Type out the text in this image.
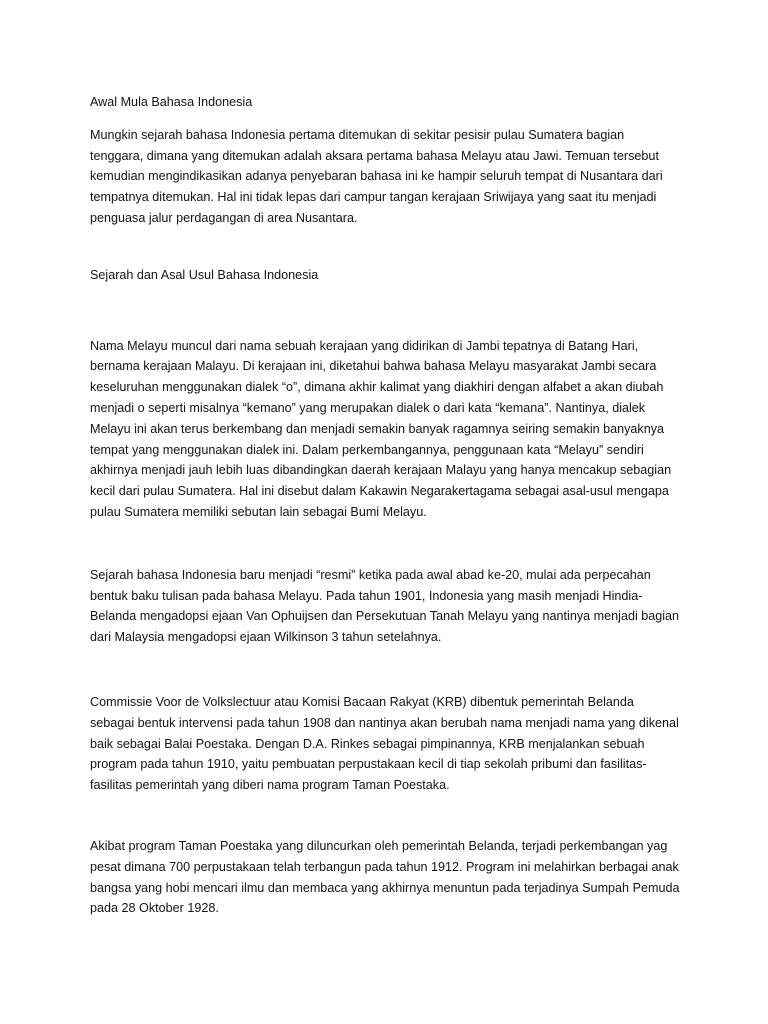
Awal Mula Bahasa Indonesia

Mungkin sejarah bahasa Indonesia pertama ditemukan di sekitar pesisir pulau Sumatera bagian tenggara, dimana yang ditemukan adalah aksara pertama bahasa Melayu atau Jawi. Temuan tersebut kemudian mengindikasikan adanya penyebaran bahasa ini ke hampir seluruh tempat di Nusantara dari tempatnya ditemukan. Hal ini tidak lepas dari campur tangan kerajaan Sriwijaya yang saat itu menjadi penguasa jalur perdagangan di area Nusantara.

Sejarah dan Asal Usul Bahasa Indonesia

Nama Melayu muncul dari nama sebuah kerajaan yang didirikan di Jambi tepatnya di Batang Hari, bernama kerajaan Malayu. Di kerajaan ini, diketahui bahwa bahasa Melayu masyarakat Jambi secara keseluruhan menggunakan dialek “o”, dimana akhir kalimat yang diakhiri dengan alfabet a akan diubah menjadi o seperti misalnya “kemano” yang merupakan dialek o dari kata “kemana”. Nantinya, dialek Melayu ini akan terus berkembang dan menjadi semakin banyak ragamnya seiring semakin banyaknya tempat yang menggunakan dialek ini. Dalam perkembangannya, penggunaan kata “Melayu” sendiri akhirnya menjadi jauh lebih luas dibandingkan daerah kerajaan Malayu yang hanya mencakup sebagian kecil dari pulau Sumatera. Hal ini disebut dalam Kakawin Negarakertagama sebagai asal-usul mengapa pulau Sumatera memiliki sebutan lain sebagai Bumi Melayu.

Sejarah bahasa Indonesia baru menjadi “resmi” ketika pada awal abad ke-20, mulai ada perpecahan bentuk baku tulisan pada bahasa Melayu. Pada tahun 1901, Indonesia yang masih menjadi Hindia-Belanda mengadopsi ejaan Van Ophuijsen dan Persekutuan Tanah Melayu yang nantinya menjadi bagian dari Malaysia mengadopsi ejaan Wilkinson 3 tahun setelahnya.

Commissie Voor de Volkslectuur atau Komisi Bacaan Rakyat (KRB) dibentuk pemerintah Belanda sebagai bentuk intervensi pada tahun 1908 dan nantinya akan berubah nama menjadi nama yang dikenal baik sebagai Balai Poestaka. Dengan D.A. Rinkes sebagai pimpinannya, KRB menjalankan sebuah program pada tahun 1910, yaitu pembuatan perpustakaan kecil di tiap sekolah pribumi dan fasilitas-fasilitas pemerintah yang diberi nama program Taman Poestaka.

Akibat program Taman Poestaka yang diluncurkan oleh pemerintah Belanda, terjadi perkembangan yag pesat dimana 700 perpustakaan telah terbangun pada tahun 1912. Program ini melahirkan berbagai anak bangsa yang hobi mencari ilmu dan membaca yang akhirnya menuntun pada terjadinya Sumpah Pemuda pada 28 Oktober 1928.
